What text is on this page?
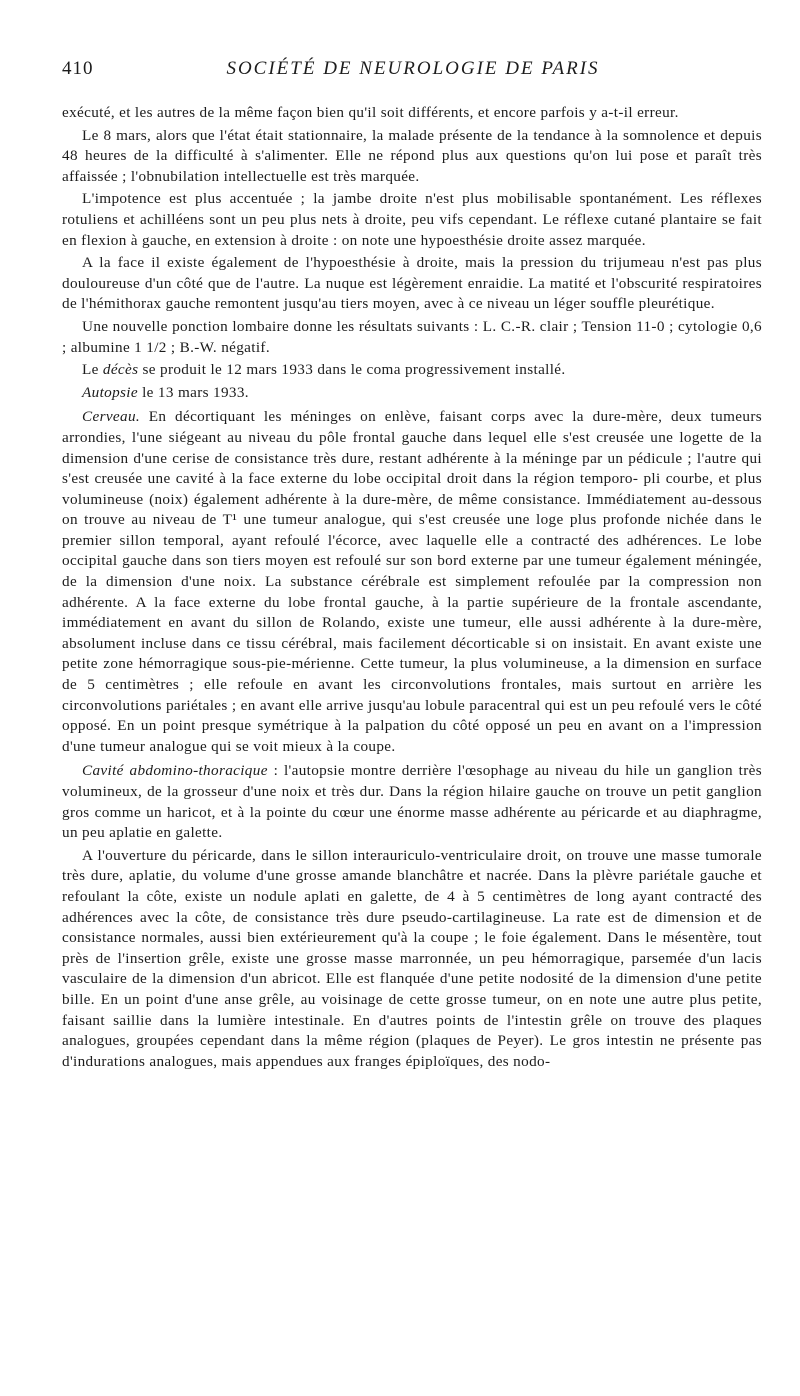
410	SOCIÉTÉ DE NEUROLOGIE DE PARIS

exécuté, et les autres de la même façon bien qu'il soit différents, et encore parfois y a-t-il erreur.

Le 8 mars, alors que l'état était stationnaire, la malade présente de la tendance à la somnolence et depuis 48 heures de la difficulté à s'alimenter. Elle ne répond plus aux questions qu'on lui pose et paraît très affaissée ; l'obnubilation intellectuelle est très marquée.

L'impotence est plus accentuée ; la jambe droite n'est plus mobilisable spontanément. Les réflexes rotuliens et achilléens sont un peu plus nets à droite, peu vifs cependant. Le réflexe cutané plantaire se fait en flexion à gauche, en extension à droite : on note une hypoesthésie droite assez marquée.

A la face il existe également de l'hypoesthésie à droite, mais la pression du trijumeau n'est pas plus douloureuse d'un côté que de l'autre. La nuque est légèrement enraidie. La matité et l'obscurité respiratoires de l'hémithorax gauche remontent jusqu'au tiers moyen, avec à ce niveau un léger souffle pleurétique.

Une nouvelle ponction lombaire donne les résultats suivants : L. C.-R. clair ; Tension 11-0 ; cytologie 0,6 ; albumine 1 1/2 ; B.-W. négatif.

Le décès se produit le 12 mars 1933 dans le coma progressivement installé.

Autopsie le 13 mars 1933.

Cerveau. En décortiquant les méninges on enlève, faisant corps avec la dure-mère, deux tumeurs arrondies, l'une siégeant au niveau du pôle frontal gauche dans lequel elle s'est creusée une logette de la dimension d'une cerise de consistance très dure, restant adhérente à la méninge par un pédicule ; l'autre qui s'est creusée une cavité à la face externe du lobe occipital droit dans la région temporo- pli courbe, et plus volumineuse (noix) également adhérente à la dure-mère, de même consistance. Immédiatement au-dessous on trouve au niveau de T¹ une tumeur analogue, qui s'est creusée une loge plus profonde nichée dans le premier sillon temporal, ayant refoulé l'écorce, avec laquelle elle a contracté des adhérences. Le lobe occipital gauche dans son tiers moyen est refoulé sur son bord externe par une tumeur également méningée, de la dimension d'une noix. La substance cérébrale est simplement refoulée par la compression non adhérente. A la face externe du lobe frontal gauche, à la partie supérieure de la frontale ascendante, immédiatement en avant du sillon de Rolando, existe une tumeur, elle aussi adhérente à la dure-mère, absolument incluse dans ce tissu cérébral, mais facilement décorticable si on insistait. En avant existe une petite zone hémorragique sous-pie-mérienne. Cette tumeur, la plus volumineuse, a la dimension en surface de 5 centimètres ; elle refoule en avant les circonvolutions frontales, mais surtout en arrière les circonvolutions pariétales ; en avant elle arrive jusqu'au lobule paracentral qui est un peu refoulé vers le côté opposé. En un point presque symétrique à la palpation du côté opposé un peu en avant on a l'impression d'une tumeur analogue qui se voit mieux à la coupe.

Cavité abdomino-thoracique : l'autopsie montre derrière l'œsophage au niveau du hile un ganglion très volumineux, de la grosseur d'une noix et très dur. Dans la région hilaire gauche on trouve un petit ganglion gros comme un haricot, et à la pointe du cœur une énorme masse adhérente au péricarde et au diaphragme, un peu aplatie en galette.

A l'ouverture du péricarde, dans le sillon interauriculo-ventriculaire droit, on trouve une masse tumorale très dure, aplatie, du volume d'une grosse amande blanchâtre et nacrée. Dans la plèvre pariétale gauche et refoulant la côte, existe un nodule aplati en galette, de 4 à 5 centimètres de long ayant contracté des adhérences avec la côte, de consistance très dure pseudo-cartilagineuse. La rate est de dimension et de consistance normales, aussi bien extérieurement qu'à la coupe ; le foie également. Dans le mésentère, tout près de l'insertion grêle, existe une grosse masse marronnée, un peu hémorragique, parsemée d'un lacis vasculaire de la dimension d'un abricot. Elle est flanquée d'une petite nodosité de la dimension d'une petite bille. En un point d'une anse grêle, au voisinage de cette grosse tumeur, on en note une autre plus petite, faisant saillie dans la lumière intestinale. En d'autres points de l'intestin grêle on trouve des plaques analogues, groupées cependant dans la même région (plaques de Peyer). Le gros intestin ne présente pas d'indurations analogues, mais appendues aux franges épiploïques, des nodo-
